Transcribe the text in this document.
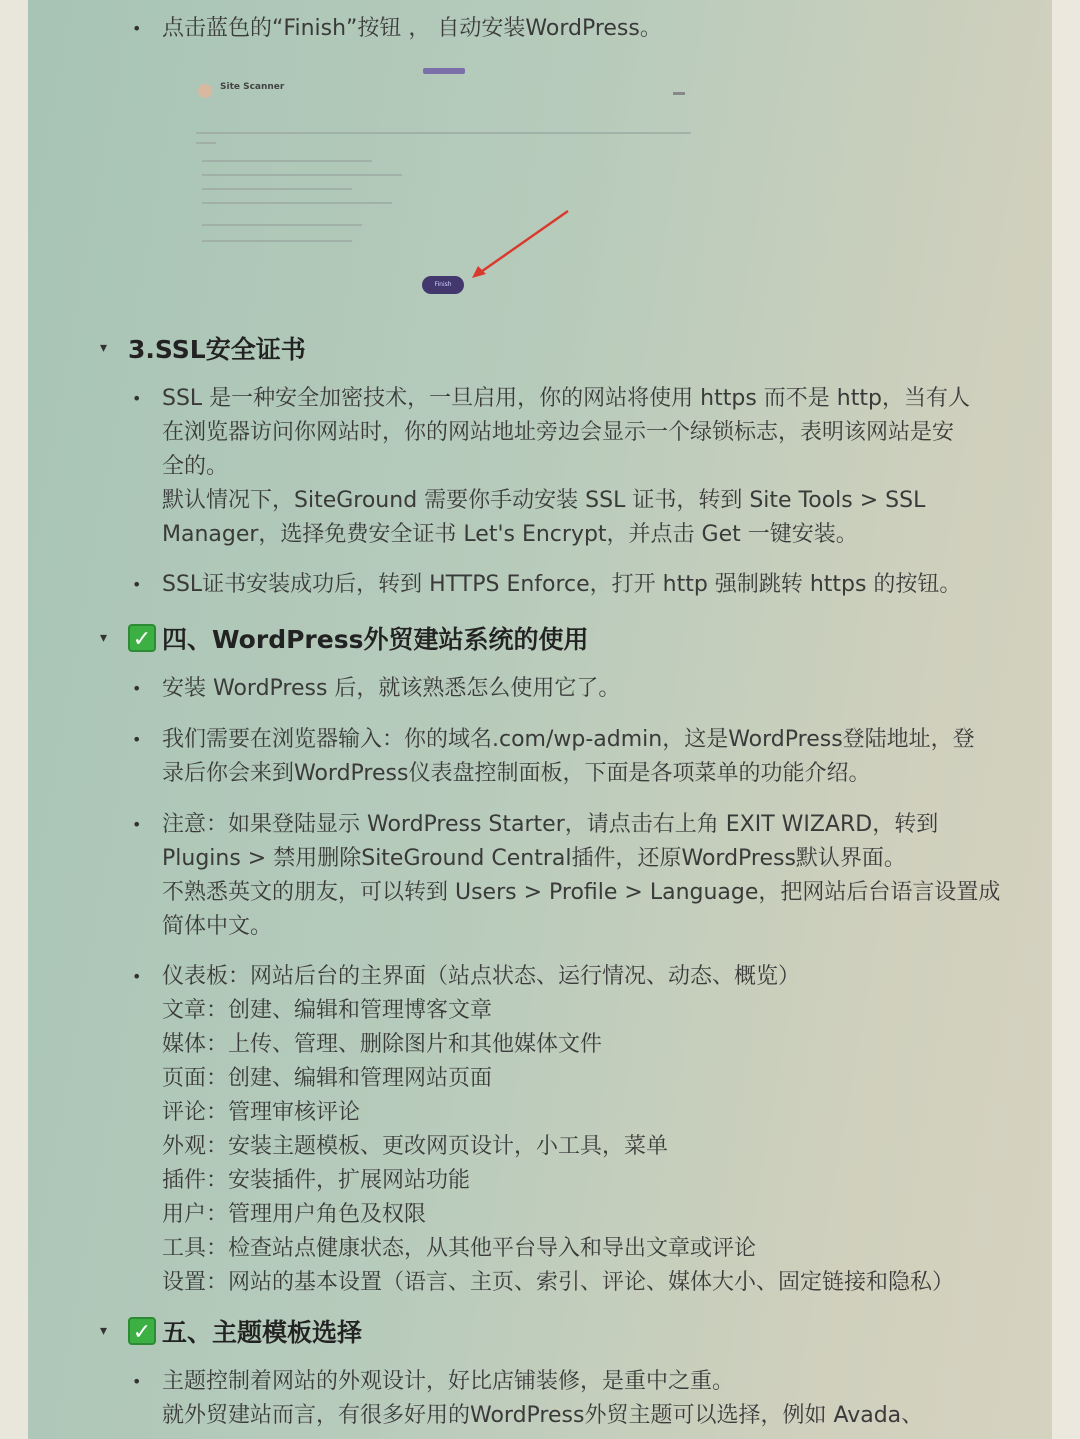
• 点击蓝色的“Finish”按钮 ， 自动安装WordPress。
Site Scanner
Finish
▾ 3.SSL安全证书
• SSL 是一种安全加密技术，一旦启用，你的网站将使用 https 而不是 http，当有人
在浏览器访问你网站时，你的网站地址旁边会显示一个绿锁标志，表明该网站是安
全的。
默认情况下，SiteGround 需要你手动安装 SSL 证书，转到 Site Tools > SSL
Manager，选择免费安全证书 Let's Encrypt，并点击 Get 一键安装。
• SSL证书安装成功后，转到 HTTPS Enforce，打开 http 强制跳转 https 的按钮。
▾	✓ 四、WordPress外贸建站系统的使用
• 安装 WordPress 后，就该熟悉怎么使用它了。
• 我们需要在浏览器输入：你的域名.com/wp-admin，这是WordPress登陆地址，登
录后你会来到WordPress仪表盘控制面板，下面是各项菜单的功能介绍。
• 注意：如果登陆显示 WordPress Starter，请点击右上角 EXIT WIZARD，转到
Plugins > 禁用删除SiteGround Central插件，还原WordPress默认界面。
不熟悉英文的朋友，可以转到 Users > Profile > Language，把网站后台语言设置成
简体中文。
• 仪表板：网站后台的主界面（站点状态、运行情况、动态、概览）
文章：创建、编辑和管理博客文章
媒体：上传、管理、删除图片和其他媒体文件
页面：创建、编辑和管理网站页面
评论：管理审核评论
外观：安装主题模板、更改网页设计，小工具，菜单
插件：安装插件，扩展网站功能
用户：管理用户角色及权限
工具：检查站点健康状态，从其他平台导入和导出文章或评论
设置：网站的基本设置（语言、主页、索引、评论、媒体大小、固定链接和隐私）
▾	✓ 五、主题模板选择
• 主题控制着网站的外观设计，好比店铺装修，是重中之重。
就外贸建站而言，有很多好用的WordPress外贸主题可以选择，例如 Avada、
